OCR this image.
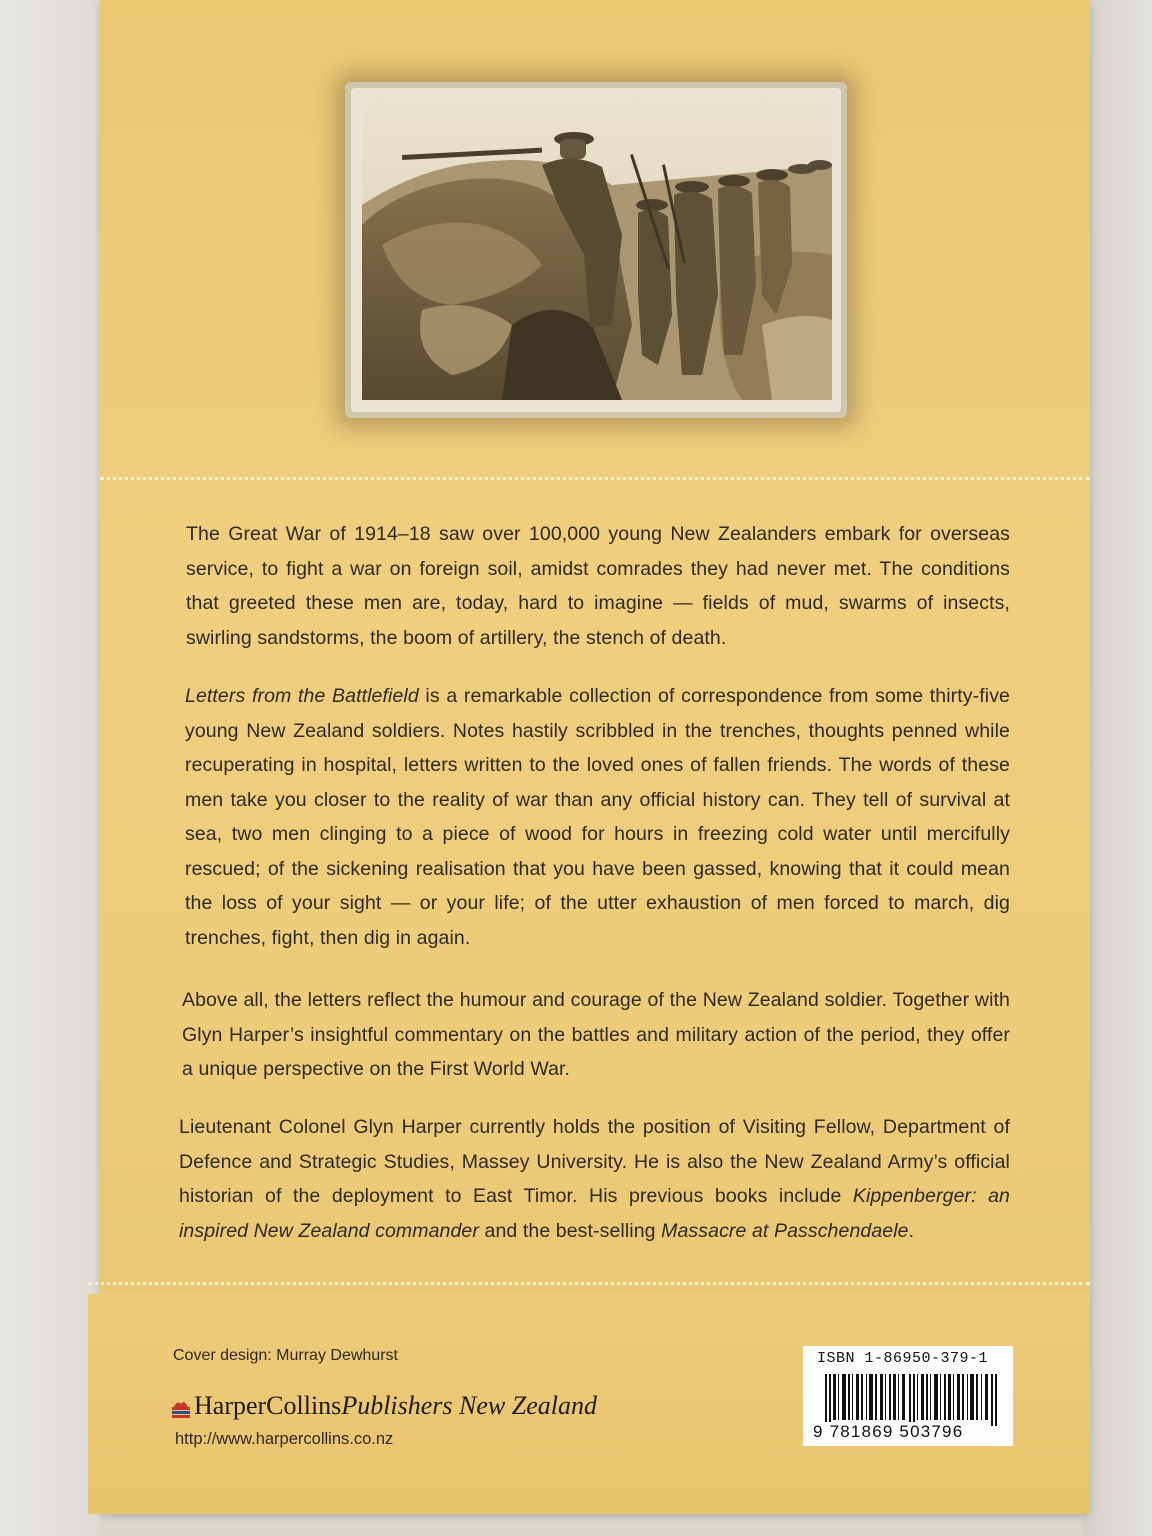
The Great War of 1914–18 saw over 100,000 young New Zealanders embark for overseas service, to fight a war on foreign soil, amidst comrades they had never met. The conditions that greeted these men are, today, hard to imagine — fields of mud, swarms of insects, swirling sandstorms, the boom of artillery, the stench of death.

Letters from the Battlefield is a remarkable collection of correspondence from some thirty-five young New Zealand soldiers. Notes hastily scribbled in the trenches, thoughts penned while recuperating in hospital, letters written to the loved ones of fallen friends. The words of these men take you closer to the reality of war than any official history can. They tell of survival at sea, two men clinging to a piece of wood for hours in freezing cold water until mercifully rescued; of the sickening realisation that you have been gassed, knowing that it could mean the loss of your sight — or your life; of the utter exhaustion of men forced to march, dig trenches, fight, then dig in again.

Above all, the letters reflect the humour and courage of the New Zealand soldier. Together with Glyn Harper’s insightful commentary on the battles and military action of the period, they offer a unique perspective on the First World War.

Lieutenant Colonel Glyn Harper currently holds the position of Visiting Fellow, Department of Defence and Strategic Studies, Massey University. He is also the New Zealand Army’s official historian of the deployment to East Timor. His previous books include Kippenberger: an inspired New Zealand commander and the best-selling Massacre at Passchendaele.

Cover design: Murray Dewhurst
HarperCollins Publishers New Zealand
http://www.harpercollins.co.nz
ISBN 1-86950-379-1
9 781869 503796
